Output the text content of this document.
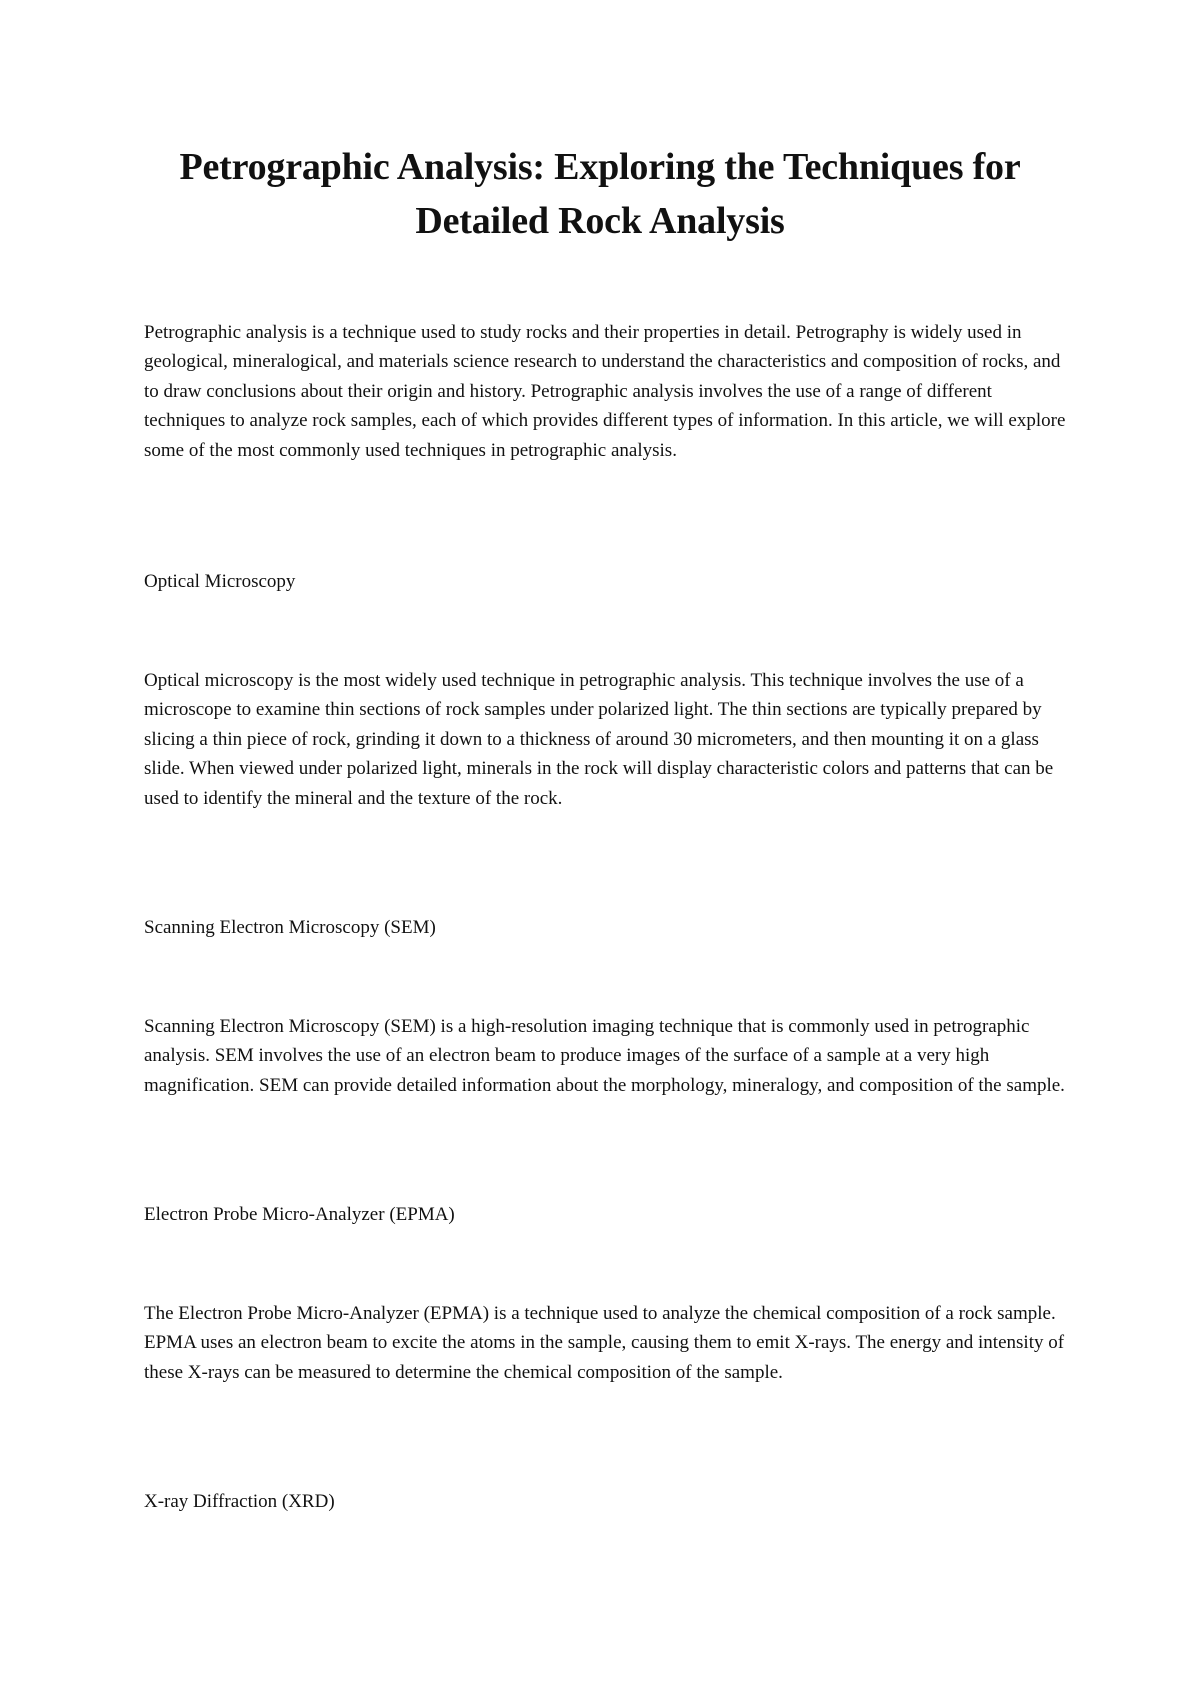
Petrographic Analysis: Exploring the Techniques for Detailed Rock Analysis

Petrographic analysis is a technique used to study rocks and their properties in detail. Petrography is widely used in geological, mineralogical, and materials science research to understand the characteristics and composition of rocks, and to draw conclusions about their origin and history. Petrographic analysis involves the use of a range of different techniques to analyze rock samples, each of which provides different types of information. In this article, we will explore some of the most commonly used techniques in petrographic analysis.

Optical Microscopy

Optical microscopy is the most widely used technique in petrographic analysis. This technique involves the use of a microscope to examine thin sections of rock samples under polarized light. The thin sections are typically prepared by slicing a thin piece of rock, grinding it down to a thickness of around 30 micrometers, and then mounting it on a glass slide. When viewed under polarized light, minerals in the rock will display characteristic colors and patterns that can be used to identify the mineral and the texture of the rock.

Scanning Electron Microscopy (SEM)

Scanning Electron Microscopy (SEM) is a high-resolution imaging technique that is commonly used in petrographic analysis. SEM involves the use of an electron beam to produce images of the surface of a sample at a very high magnification. SEM can provide detailed information about the morphology, mineralogy, and composition of the sample.

Electron Probe Micro-Analyzer (EPMA)

The Electron Probe Micro-Analyzer (EPMA) is a technique used to analyze the chemical composition of a rock sample. EPMA uses an electron beam to excite the atoms in the sample, causing them to emit X-rays. The energy and intensity of these X-rays can be measured to determine the chemical composition of the sample.

X-ray Diffraction (XRD)
